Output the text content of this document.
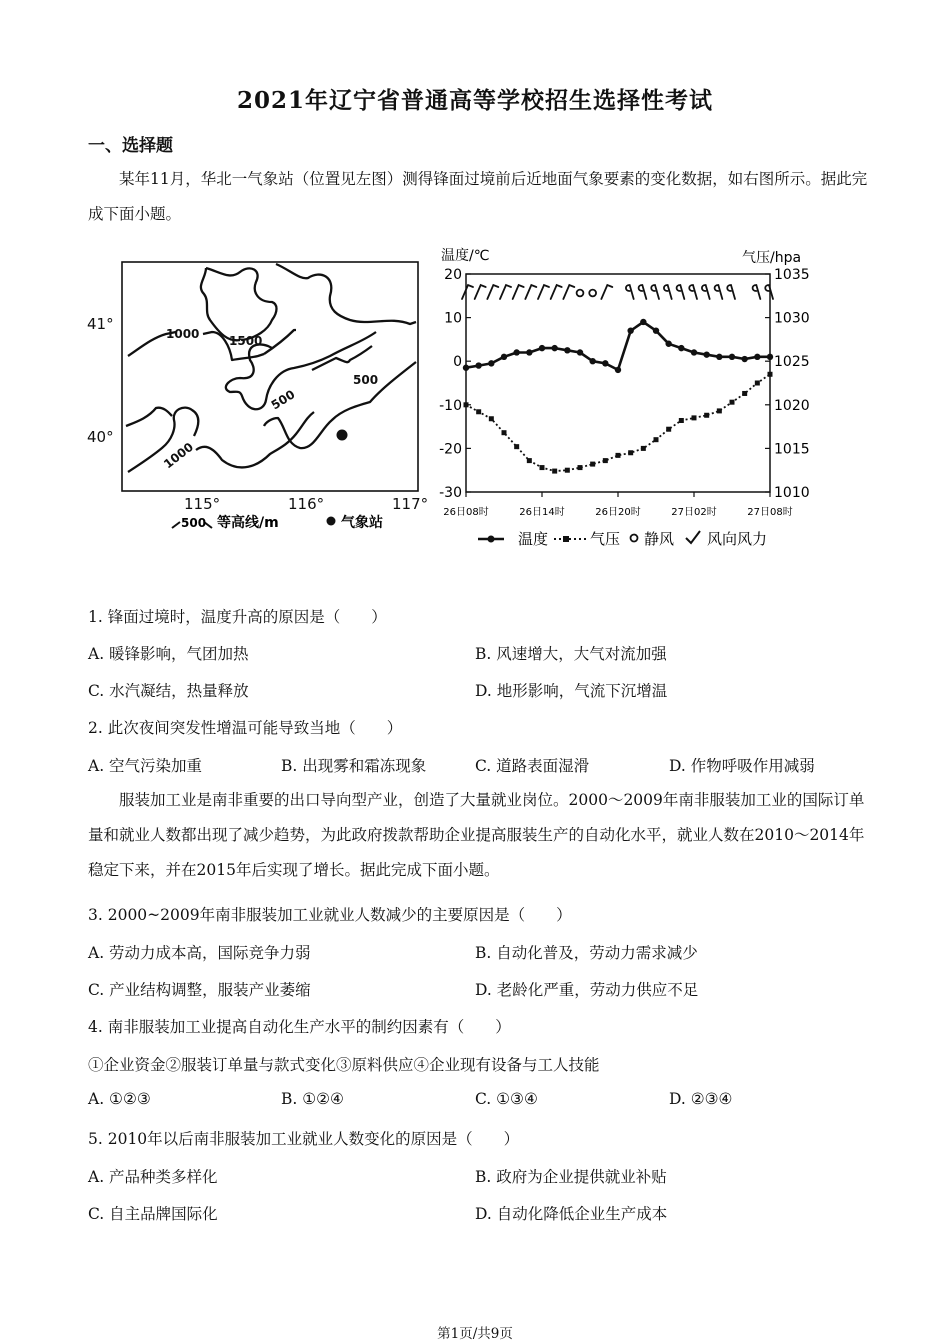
2021年辽宁省普通高等学校招生选择性考试
一、选择题
某年11月，华北一气象站（位置见左图）测得锋面过境前后近地面气象要素的变化数据，如右图所示。据此完成下面小题。
1000 1500
500
500
1000
41°
40°
115°	116°	117°
500 等高线/m	气象站
温度/℃	气压/hpa
20
10
0
-10
-20
-30
1035
1030
1025
1020
1015
1010
26日08时	26日14时	26日20时	27日02时	27日08时
温度	气压 静风 风向风力
1. 锋面过境时，温度升高的原因是（　　）
A. 暖锋影响，气团加热	B. 风速增大，大气对流加强
C. 水汽凝结，热量释放	D. 地形影响，气流下沉增温
2. 此次夜间突发性增温可能导致当地（　　）
A. 空气污染加重	B. 出现雾和霜冻现象	C. 道路表面湿滑	D. 作物呼吸作用减弱
服装加工业是南非重要的出口导向型产业，创造了大量就业岗位。2000～2009年南非服装加工业的国际订单量和就业人数都出现了减少趋势，为此政府拨款帮助企业提高服装生产的自动化水平，就业人数在2010～2014年稳定下来，并在2015年后实现了增长。据此完成下面小题。
3. 2000~2009年南非服装加工业就业人数减少的主要原因是（　　）
A. 劳动力成本高，国际竞争力弱	B. 自动化普及，劳动力需求减少
C. 产业结构调整，服装产业萎缩	D. 老龄化严重，劳动力供应不足
4. 南非服装加工业提高自动化生产水平的制约因素有（　　）
①企业资金②服装订单量与款式变化③原料供应④企业现有设备与工人技能
A. ①②③	B. ①②④	C. ①③④	D. ②③④
5. 2010年以后南非服装加工业就业人数变化的原因是（　　）
A. 产品种类多样化	B. 政府为企业提供就业补贴
C. 自主品牌国际化	D. 自动化降低企业生产成本
第1页/共9页
